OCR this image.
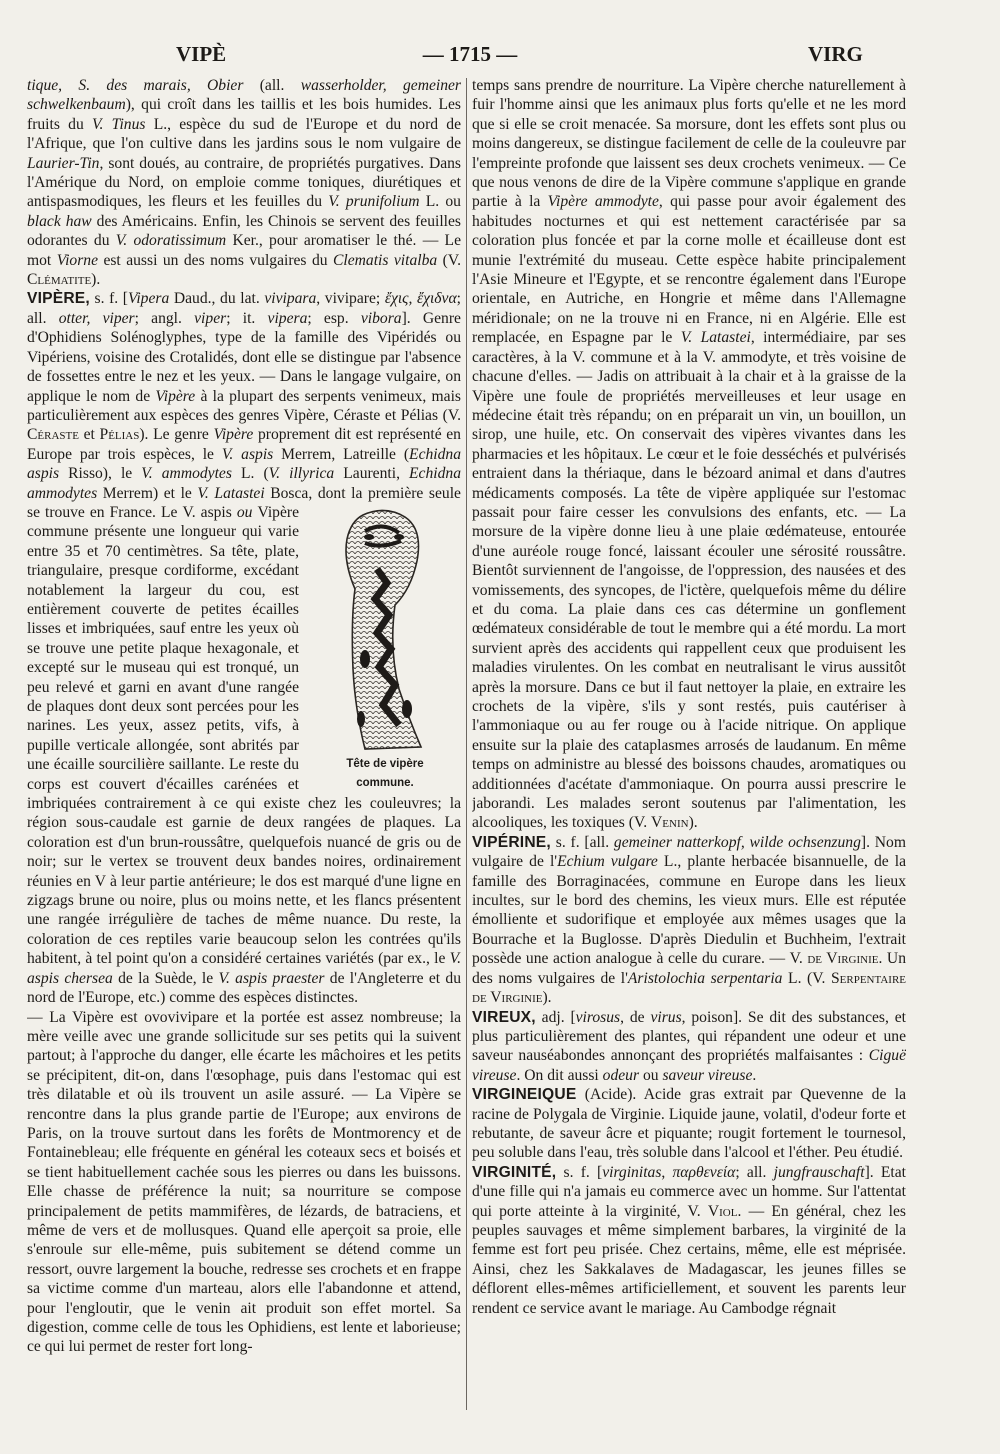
VIPÈ	— 1715 —	VIRG

tique, S. des marais, Obier (all. wasserholder, gemeiner schwelkenbaum), qui croît dans les taillis et les bois humides. Les fruits du V. Tinus L., espèce du sud de l'Europe et du nord de l'Afrique, que l'on cultive dans les jardins sous le nom vulgaire de Laurier-Tin, sont doués, au contraire, de propriétés purgatives. Dans l'Amérique du Nord, on emploie comme toniques, diurétiques et antispasmodiques, les fleurs et les feuilles du V. prunifolium L. ou black haw des Américains. Enfin, les Chinois se servent des feuilles odorantes du V. odoratissimum Ker., pour aromatiser le thé. — Le mot Viorne est aussi un des noms vulgaires du Clematis vitalba (V. Clématite).

VIPÈRE, s. f. [Vipera Daud., du lat. vivipara, vivipare; ἔχις, ἔχιδνα; all. otter, viper; angl. viper; it. vipera; esp. vibora]. Genre d'Ophidiens Solénoglyphes, type de la famille des Vipéridés ou Vipériens, voisine des Crotalidés, dont elle se distingue par l'absence de fossettes entre le nez et les yeux. — Dans le langage vulgaire, on applique le nom de Vipère à la plupart des serpents venimeux, mais particulièrement aux espèces des genres Vipère, Céraste et Pélias (V. Céraste et Pélias). Le genre Vipère proprement dit est représenté en Europe par trois espèces, le V. aspis Merrem, Latreille (Echidna aspis Risso), le V. ammodytes L. (V. illyrica Laurenti, Echidna ammodytes Merrem) et le V. Latastei Bosca, dont la première seule se trouve en France. Le
Tête de vipère
commune.
V. aspis ou Vipère commune présente une longueur qui varie entre 35 et 70 centimètres. Sa tête, plate, triangulaire, presque cordiforme, excédant notablement la largeur du cou, est entièrement couverte de petites écailles lisses et imbriquées, sauf entre les yeux où se trouve une petite plaque hexagonale, et excepté sur le museau qui est tronqué, un peu relevé et garni en avant d'une rangée de plaques dont deux sont percées pour les narines. Les yeux, assez petits, vifs, à pupille verticale allongée, sont abrités par une écaille sourcilière saillante. Le reste du corps est couvert d'écailles carénées et imbriquées contrairement à ce qui existe chez les couleuvres; la région sous-caudale est garnie de deux rangées de plaques. La coloration est d'un brun-roussâtre, quelquefois nuancé de gris ou de noir; sur le vertex se trouvent deux bandes noires, ordinairement réunies en V à leur partie antérieure; le dos est marqué d'une ligne en zigzags brune ou noire, plus ou moins nette, et les flancs présentent une rangée irrégulière de taches de même nuance. Du reste, la coloration de ces reptiles varie beaucoup selon les contrées qu'ils habitent, à tel point qu'on a considéré certaines variétés (par ex., le V. aspis chersea de la Suède, le V. aspis praester de l'Angleterre et du nord de l'Europe, etc.) comme des espèces distinctes.

— La Vipère est ovovivipare et la portée est assez nombreuse; la mère veille avec une grande sollicitude sur ses petits qui la suivent partout; à l'approche du danger, elle écarte les mâchoires et les petits se précipitent, dit-on, dans l'œsophage, puis dans l'estomac qui est très dilatable et où ils trouvent un asile assuré. — La Vipère se rencontre dans la plus grande partie de l'Europe; aux environs de Paris, on la trouve surtout dans les forêts de Montmorency et de Fontainebleau; elle fréquente en général les coteaux secs et boisés et se tient habituellement cachée sous les pierres ou dans les buissons. Elle chasse de préférence la nuit; sa nourriture se compose principalement de petits mammifères, de lézards, de batraciens, et même de vers et de mollusques. Quand elle aperçoit sa proie, elle s'enroule sur elle-même, puis subitement se détend comme un ressort, ouvre largement la bouche, redresse ses crochets et en frappe sa victime comme d'un marteau, alors elle l'abandonne et attend, pour l'engloutir, que le venin ait produit son effet mortel. Sa digestion, comme celle de tous les Ophidiens, est lente et laborieuse; ce qui lui permet de rester fort long-

temps sans prendre de nourriture. La Vipère cherche naturellement à fuir l'homme ainsi que les animaux plus forts qu'elle et ne les mord que si elle se croit menacée. Sa morsure, dont les effets sont plus ou moins dangereux, se distingue facilement de celle de la couleuvre par l'empreinte profonde que laissent ses deux crochets venimeux. — Ce que nous venons de dire de la Vipère commune s'applique en grande partie à la Vipère ammodyte, qui passe pour avoir également des habitudes nocturnes et qui est nettement caractérisée par sa coloration plus foncée et par la corne molle et écailleuse dont est munie l'extrémité du museau. Cette espèce habite principalement l'Asie Mineure et l'Egypte, et se rencontre également dans l'Europe orientale, en Autriche, en Hongrie et même dans l'Allemagne méridionale; on ne la trouve ni en France, ni en Algérie. Elle est remplacée, en Espagne par le V. Latastei, intermédiaire, par ses caractères, à la V. commune et à la V. ammodyte, et très voisine de chacune d'elles. — Jadis on attribuait à la chair et à la graisse de la Vipère une foule de propriétés merveilleuses et leur usage en médecine était très répandu; on en préparait un vin, un bouillon, un sirop, une huile, etc. On conservait des vipères vivantes dans les pharmacies et les hôpitaux. Le cœur et le foie desséchés et pulvérisés entraient dans la thériaque, dans le bézoard animal et dans d'autres médicaments composés. La tête de vipère appliquée sur l'estomac passait pour faire cesser les convulsions des enfants, etc. — La morsure de la vipère donne lieu à une plaie œdémateuse, entourée d'une auréole rouge foncé, laissant écouler une sérosité roussâtre. Bientôt surviennent de l'angoisse, de l'oppression, des nausées et des vomissements, des syncopes, de l'ictère, quelquefois même du délire et du coma. La plaie dans ces cas détermine un gonflement œdémateux considérable de tout le membre qui a été mordu. La mort survient après des accidents qui rappellent ceux que produisent les maladies virulentes. On les combat en neutralisant le virus aussitôt après la morsure. Dans ce but il faut nettoyer la plaie, en extraire les crochets de la vipère, s'ils y sont restés, puis cautériser à l'ammoniaque ou au fer rouge ou à l'acide nitrique. On applique ensuite sur la plaie des cataplasmes arrosés de laudanum. En même temps on administre au blessé des boissons chaudes, aromatiques ou additionnées d'acétate d'ammoniaque. On pourra aussi prescrire le jaborandi. Les malades seront soutenus par l'alimentation, les alcooliques, les toxiques (V. Venin).

VIPÉRINE, s. f. [all. gemeiner natterkopf, wilde ochsenzung]. Nom vulgaire de l'Echium vulgare L., plante herbacée bisannuelle, de la famille des Borraginacées, commune en Europe dans les lieux incultes, sur le bord des chemins, les vieux murs. Elle est réputée émolliente et sudorifique et employée aux mêmes usages que la Bourrache et la Buglosse. D'après Diedulin et Buchheim, l'extrait possède une action analogue à celle du curare. — V. de Virginie. Un des noms vulgaires de l'Aristolochia serpentaria L. (V. Serpentaire de Virginie).

VIREUX, adj. [virosus, de virus, poison]. Se dit des substances, et plus particulièrement des plantes, qui répandent une odeur et une saveur nauséabondes annonçant des propriétés malfaisantes : Ciguë vireuse. On dit aussi odeur ou saveur vireuse.

VIRGINEIQUE (Acide). Acide gras extrait par Quevenne de la racine de Polygala de Virginie. Liquide jaune, volatil, d'odeur forte et rebutante, de saveur âcre et piquante; rougit fortement le tournesol, peu soluble dans l'eau, très soluble dans l'alcool et l'éther. Peu étudié.

VIRGINITÉ, s. f. [virginitas, παρθενεία; all. jungfrauschaft]. Etat d'une fille qui n'a jamais eu commerce avec un homme. Sur l'attentat qui porte atteinte à la virginité, V. Viol. — En général, chez les peuples sauvages et même simplement barbares, la virginité de la femme est fort peu prisée. Chez certains, même, elle est méprisée. Ainsi, chez les Sakkalaves de Madagascar, les jeunes filles se déflorent elles-mêmes artificiellement, et souvent les parents leur rendent ce service avant le mariage. Au Cambodge régnait
